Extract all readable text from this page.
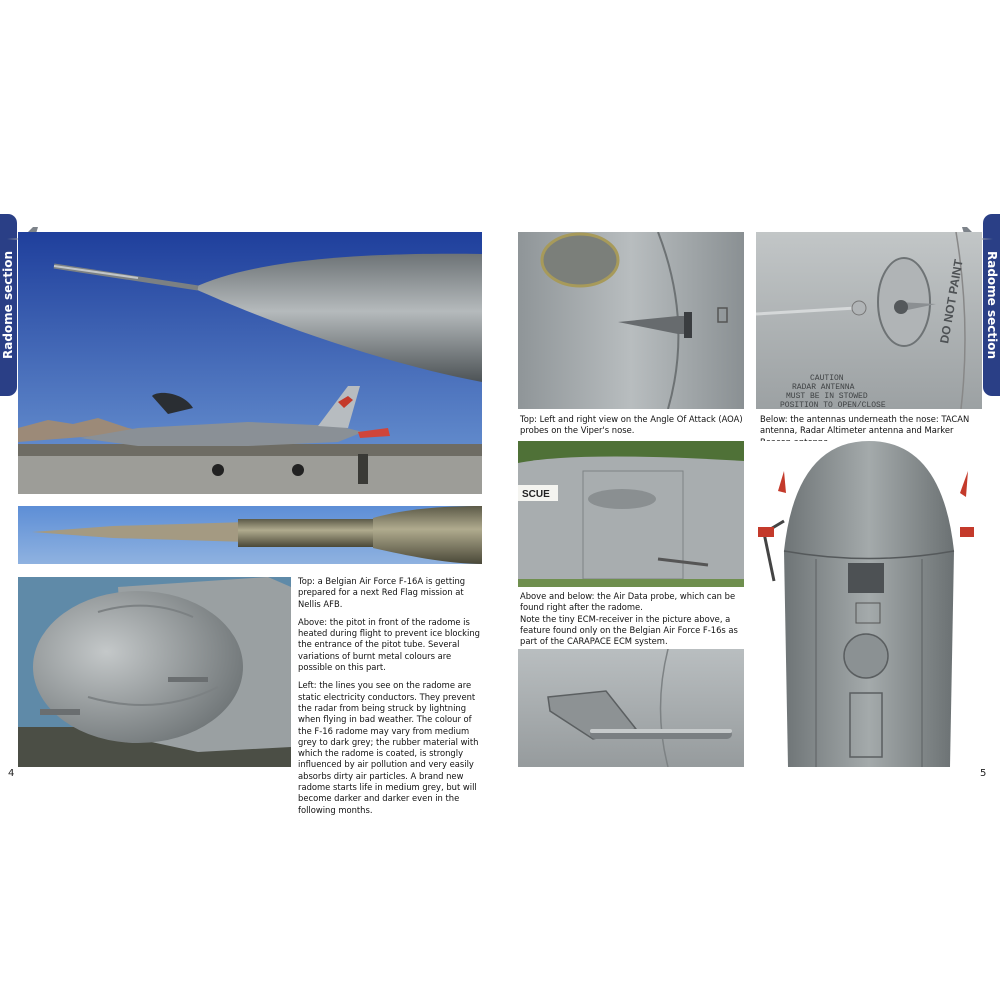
Radome section	Radome section

Top: a Belgian Air Force F-16A is getting prepared for a next Red Flag mission at Nellis AFB.

Above: the pitot in front of the radome is heated during flight to prevent ice blocking the entrance of the pitot tube. Several variations of burnt metal colours are possible on this part.

Left: the lines you see on the radome are static electricity conductors. They prevent the radar from being struck by lightning when flying in bad weather. The colour of the F-16 radome may vary from medium grey to dark grey; the rubber material with which the radome is coated, is strongly influenced by air pollution and very easily absorbs dirty air particles. A brand new radome starts life in medium grey, but will become darker and darker even in the following months.

4	5
DO NOT PAINT
CAUTION
RADAR ANTENNA
MUST BE IN STOWED
POSITION TO OPEN/CLOSE
Top: Left and right view on the Angle Of Attack (AOA) probes on the Viper's nose.
Below: the antennas underneath the nose: TACAN antenna, Radar Altimeter antenna and Marker
SCUE

Above and below: the Air Data probe, which can be found right after the radome.

Note the tiny ECM-receiver in the picture above, a feature found only on the Belgian Air Force F-16s as part of the CARAPACE ECM system.
